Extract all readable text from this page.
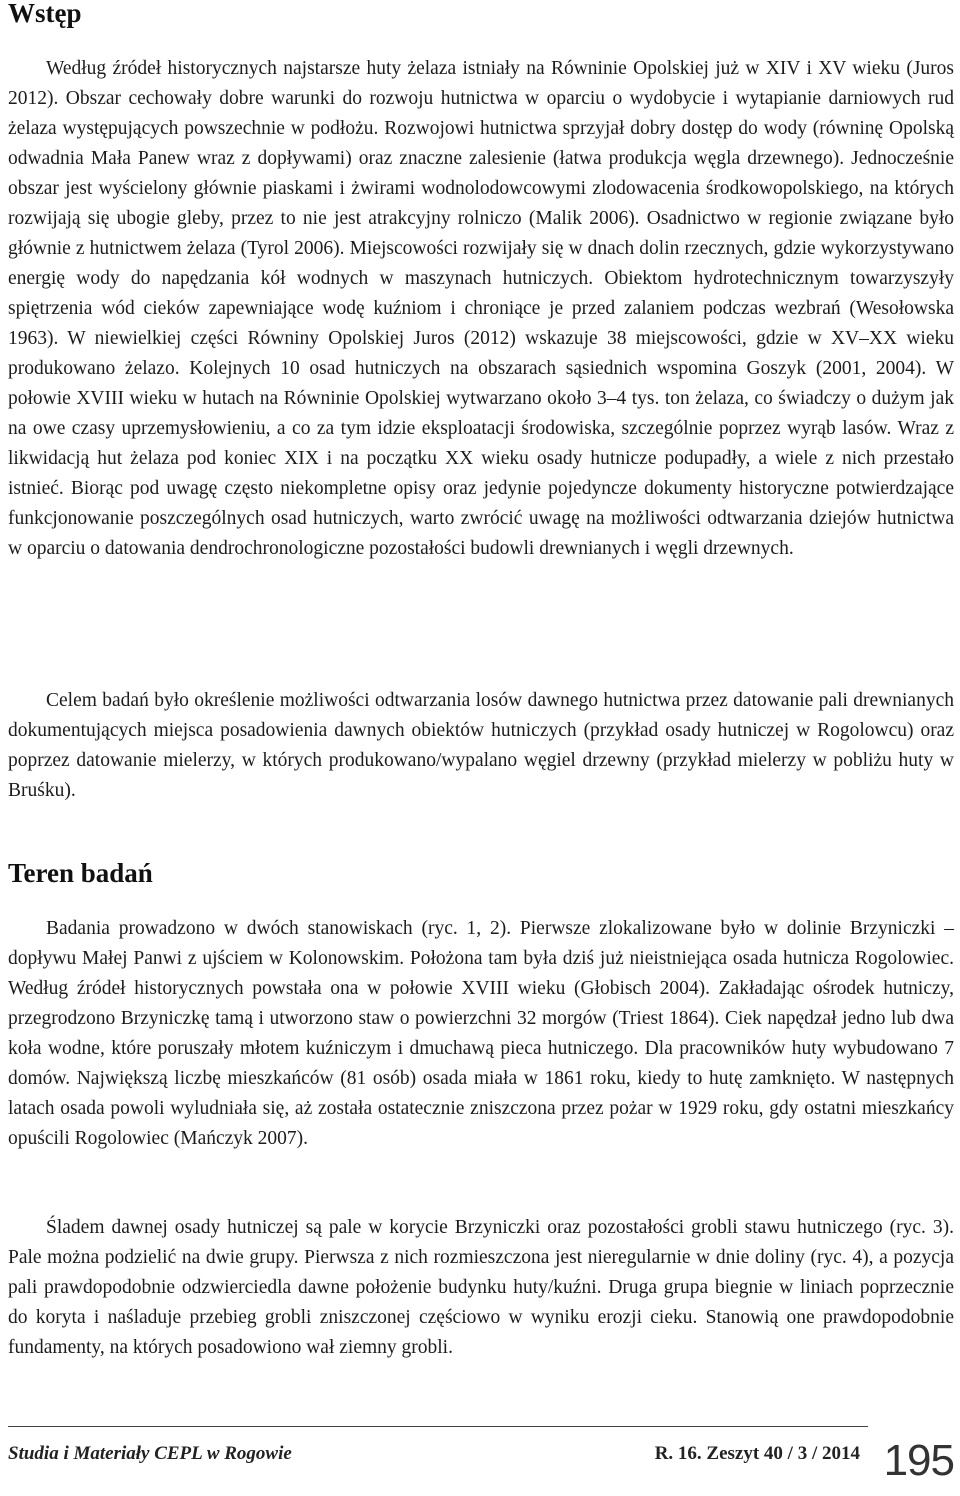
Wstęp

Według źródeł historycznych najstarsze huty żelaza istniały na Równinie Opolskiej już w XIV i XV wieku (Juros 2012). Obszar cechowały dobre warunki do rozwoju hutnictwa w oparciu o wydobycie i wytapianie darniowych rud żelaza występujących powszechnie w podłożu. Rozwojowi hutnictwa sprzyjał dobry dostęp do wody (równinę Opolską odwadnia Mała Panew wraz z dopływami) oraz znaczne zalesienie (łatwa produkcja węgla drzewnego). Jednocześnie obszar jest wyścielony głównie piaskami i żwirami wodnolodowcowymi zlodowacenia środkowopolskiego, na których rozwijają się ubogie gleby, przez to nie jest atrakcyjny rolniczo (Malik 2006). Osadnictwo w regionie związane było głównie z hutnictwem żelaza (Tyrol 2006). Miejscowości rozwijały się w dnach dolin rzecznych, gdzie wykorzystywano energię wody do napędzania kół wodnych w maszynach hutniczych. Obiektom hydrotechnicznym towarzyszyły spiętrzenia wód cieków zapewniające wodę kuźniom i chroniące je przed zalaniem podczas wezbrań (Wesołowska 1963). W niewielkiej części Równiny Opolskiej Juros (2012) wskazuje 38 miejscowości, gdzie w XV–XX wieku produkowano żelazo. Kolejnych 10 osad hutniczych na obszarach sąsiednich wspomina Goszyk (2001, 2004). W połowie XVIII wieku w hutach na Równinie Opolskiej wytwarzano około 3–4 tys. ton żelaza, co świadczy o dużym jak na owe czasy uprzemysłowieniu, a co za tym idzie eksploatacji środowiska, szczególnie poprzez wyrąb lasów. Wraz z likwidacją hut żelaza pod koniec XIX i na początku XX wieku osady hutnicze podupadły, a wiele z nich przestało istnieć. Biorąc pod uwagę często niekompletne opisy oraz jedynie pojedyncze dokumenty historyczne potwierdzające funkcjonowanie poszczególnych osad hutniczych, warto zwrócić uwagę na możliwości odtwarzania dziejów hutnictwa w oparciu o datowania dendrochronologiczne pozostałości budowli drewnianych i węgli drzewnych.

Celem badań było określenie możliwości odtwarzania losów dawnego hutnictwa przez datowanie pali drewnianych dokumentujących miejsca posadowienia dawnych obiektów hutniczych (przykład osady hutniczej w Rogolowcu) oraz poprzez datowanie mielerzy, w których produkowano/wypalano węgiel drzewny (przykład mielerzy w pobliżu huty w Bruśku).

Teren badań

Badania prowadzono w dwóch stanowiskach (ryc. 1, 2). Pierwsze zlokalizowane było w dolinie Brzyniczki – dopływu Małej Panwi z ujściem w Kolonowskim. Położona tam była dziś już nieistniejąca osada hutnicza Rogolowiec. Według źródeł historycznych powstała ona w połowie XVIII wieku (Głobisch 2004). Zakładając ośrodek hutniczy, przegrodzono Brzyniczkę tamą i utworzono staw o powierzchni 32 morgów (Triest 1864). Ciek napędzał jedno lub dwa koła wodne, które poruszały młotem kuźniczym i dmuchawą pieca hutniczego. Dla pracowników huty wybudowano 7 domów. Największą liczbę mieszkańców (81 osób) osada miała w 1861 roku, kiedy to hutę zamknięto. W następnych latach osada powoli wyludniała się, aż została ostatecznie zniszczona przez pożar w 1929 roku, gdy ostatni mieszkańcy opuścili Rogolowiec (Mańczyk 2007).

Śladem dawnej osady hutniczej są pale w korycie Brzyniczki oraz pozostałości grobli stawu hutniczego (ryc. 3). Pale można podzielić na dwie grupy. Pierwsza z nich rozmieszczona jest nieregularnie w dnie doliny (ryc. 4), a pozycja pali prawdopodobnie odzwierciedla dawne położenie budynku huty/kuźni. Druga grupa biegnie w liniach poprzecznie do koryta i naśladuje przebieg grobli zniszczonej częściowo w wyniku erozji cieku. Stanowią one prawdopodobnie fundamenty, na których posadowiono wał ziemny grobli.

Studia i Materiały CEPL w Rogowie	R. 16. Zeszyt 40 / 3 / 2014 195
